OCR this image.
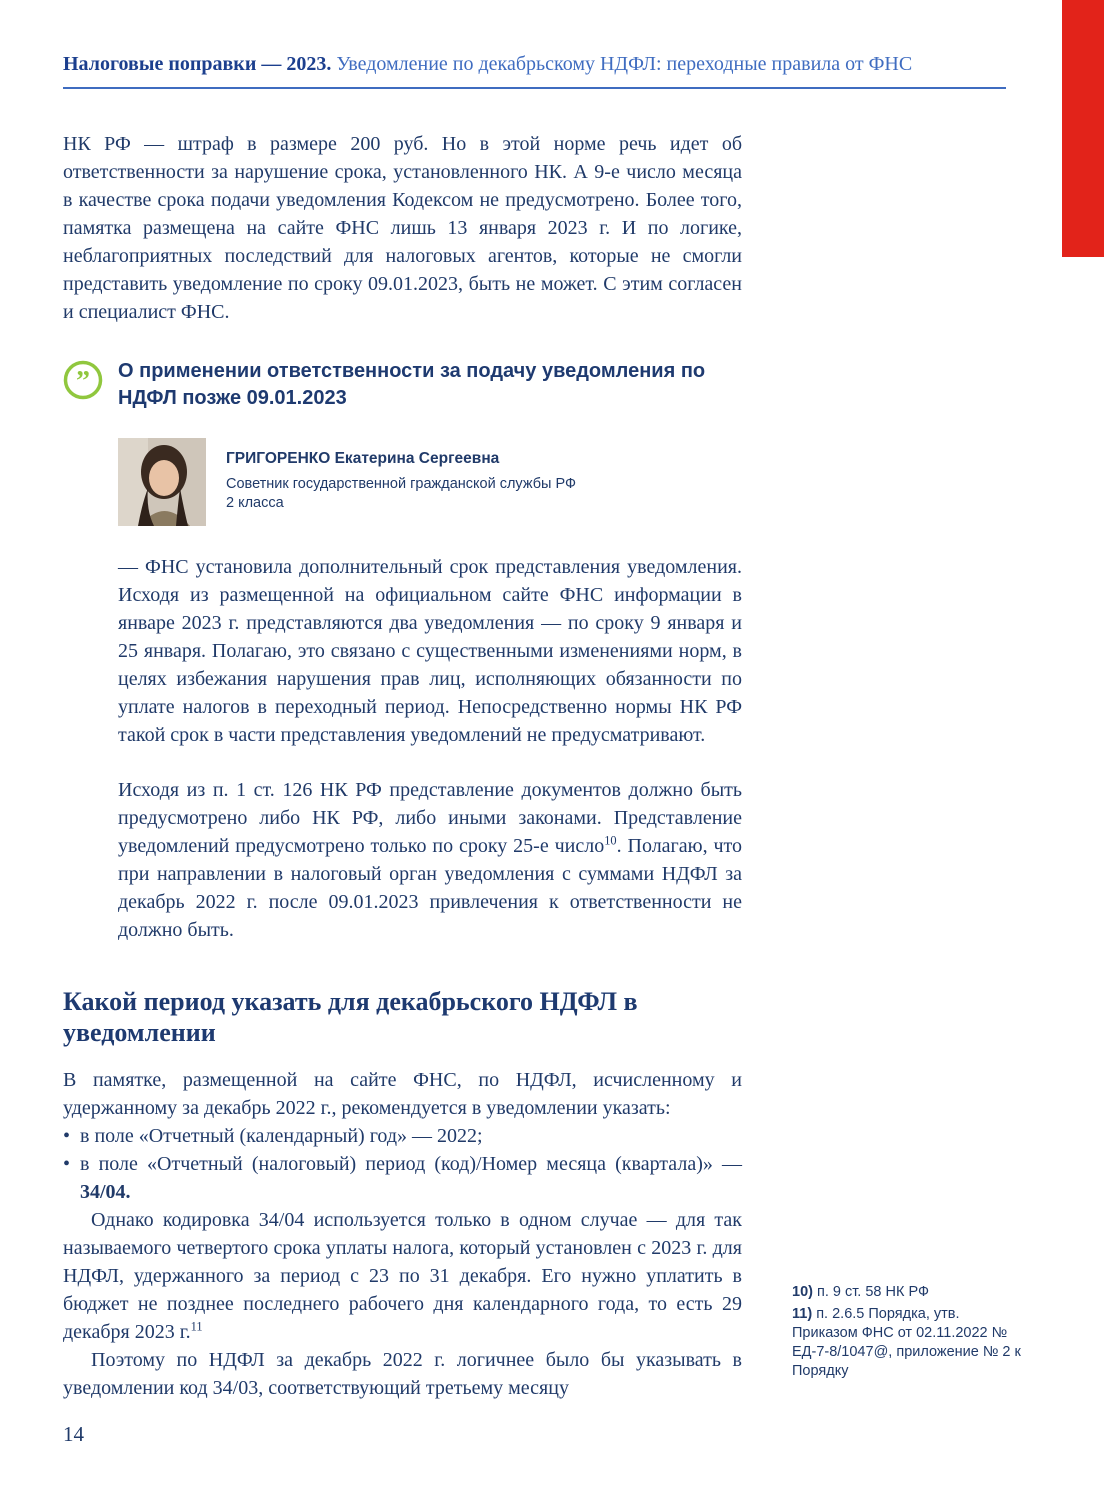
Налоговые поправки — 2023. Уведомление по декабрьскому НДФЛ: переходные правила от ФНС

НК РФ — штраф в размере 200 руб. Но в этой норме речь идет об ответственности за нарушение срока, установленного НК. А 9-е число месяца в качестве срока подачи уведомления Кодексом не предусмотрено. Более того, памятка размещена на сайте ФНС лишь 13 января 2023 г. И по логике, неблагоприятных последствий для налоговых агентов, которые не смогли представить уведомление по сроку 09.01.2023, быть не может. С этим согласен и специалист ФНС.

” О применении ответственности за подачу уведомления по НДФЛ позже 09.01.2023
ГРИГОРЕНКО Екатерина Сергеевна
Советник государственной гражданской службы РФ
2 класса

— ФНС установила дополнительный срок представления уведомления. Исходя из размещенной на официальном сайте ФНС информации в январе 2023 г. представляются два уведомления — по сроку 9 января и 25 января. Полагаю, это связано с существенными изменениями норм, в целях избежания нарушения прав лиц, исполняющих обязанности по уплате налогов в переходный период. Непосредственно нормы НК РФ такой срок в части представления уведомлений не предусматривают.

Исходя из п. 1 ст. 126 НК РФ представление документов должно быть предусмотрено либо НК РФ, либо иными законами. Представление уведомлений предусмотрено только по сроку 25-е число$^{10}$. Полагаю, что при направлении в налоговый орган уведомления с суммами НДФЛ за декабрь 2022 г. после 09.01.2023 привлечения к ответственности не должно быть.

Какой период указать для декабрьского НДФЛ в уведомлении

В памятке, размещенной на сайте ФНС, по НДФЛ, исчисленному и удержанному за декабрь 2022 г., рекомендуется в уведомлении указать:

• в поле «Отчетный (календарный) год» — 2022;
• в поле «Отчетный (налоговый) период (код)/Номер месяца (квартала)» — 34/04.

Однако кодировка 34/04 используется только в одном случае — для так называемого четвертого срока уплаты налога, который установлен с 2023 г. для НДФЛ, удержанного за период с 23 по 31 декабря. Его нужно уплатить в бюджет не позднее последнего рабочего дня календарного года, то есть 29 декабря 2023 г.$^{11}$

Поэтому по НДФЛ за декабрь 2022 г. логичнее было бы указывать в уведомлении код 34/03, соответствующий третьему месяцу

10) п. 9 ст. 58 НК РФ
11) п. 2.6.5 Порядка, утв. Приказом ФНС от 02.11.2022 № ЕД-7-8/1047@, приложение № 2 к Порядку
14
